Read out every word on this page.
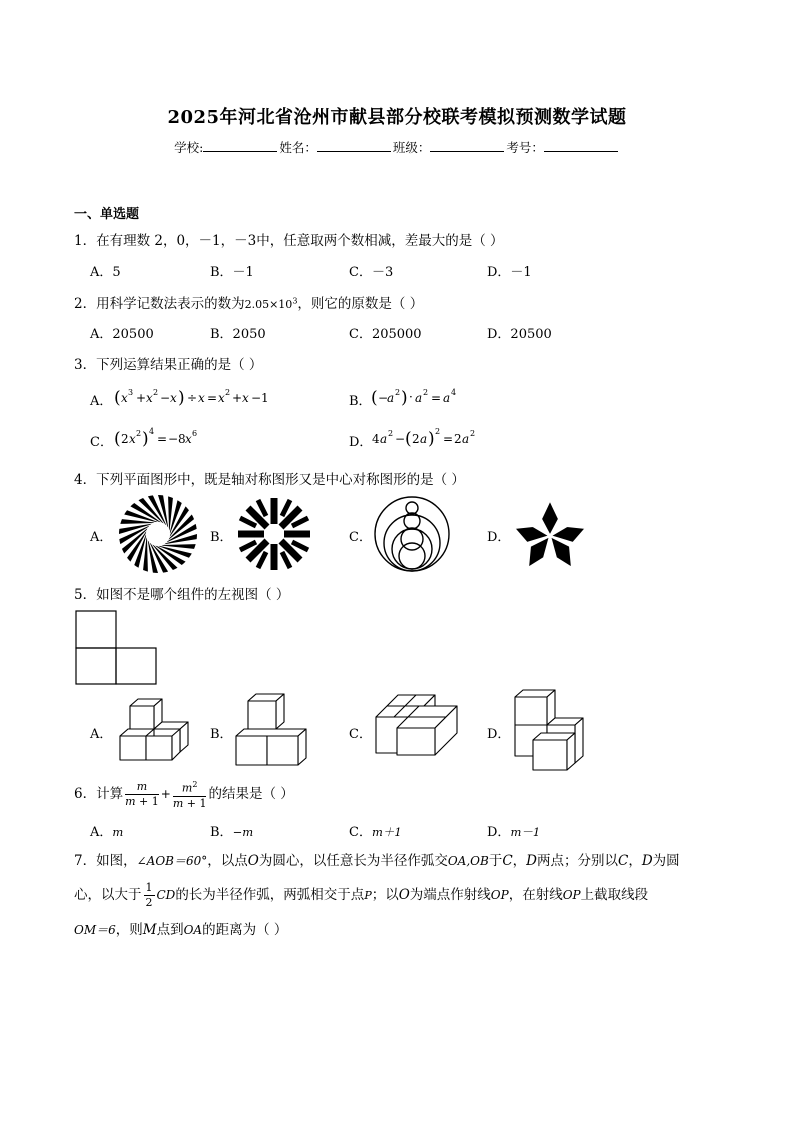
2025年河北省沧州市献县部分校联考模拟预测数学试题
学校:	姓名：	班级：	考号：
一、单选题
1．在有理数 2，0，－1，－3中，任意取两个数相减，差最大的是（ ）
A．5	B．－1	C．－3	D．－1
2．用科学记数法表示的数为$2.05\times 10^3$，则它的原数是（ ）
A．20500	B．2050	C．205000	D．20500
3．下列运算结果正确的是（ ）
A． ( x 3 + x 2 − x ) ÷ x = x 2 + x − 1	B． ( −
a 2 ) · a 2 = a 4
C． ( 2 x 2 ) 4
= −8 x 6
D． 4 a 2 − ( 2 a ) 2
= 2 a 2
4．下列平面图形中，既是轴对称图形又是中心对称图形的是（ ）
A．	B．	C．	D．
5．如图不是哪个组件的左视图（ ）
A．	B．	C．	D．
6．计算 $\frac{m}{m + 1} + \frac{m^2}{m + 1}$ 的结果是（ ）
A．m	B．−m	C．m＋1	D．m－1
7．如图，∠AOB＝60°，以点O为圆心，以任意长为半径作弧交OA,OB于C，D两点；分别以C，D为圆
心，以大于 $\frac{1}{2}$ CD的长为半径作弧，两弧相交于点P；以O为端点作射线OP，在射线OP上截取线段
OM＝6，则M点到OA的距离为（ ）
